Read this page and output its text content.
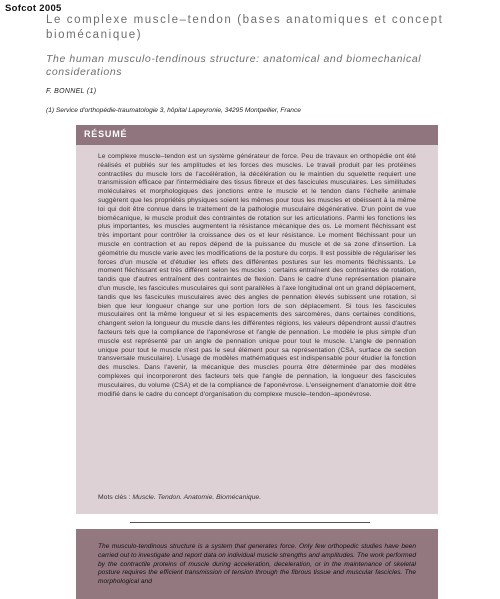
Sofcot 2005
Le complexe muscle–tendon (bases anatomiques et concept biomécanique)
The human musculo-tendinous structure: anatomical and biomechanical considerations
F. BONNEL (1)
(1) Service d'orthopédie-traumatologie 3, hôpital Lapeyronie, 34295 Montpellier, France
RÉSUMÉ

Le complexe muscle–tendon est un système générateur de force. Peu de travaux en orthopédie ont été réalisés et publiés sur les amplitudes et les forces des muscles. Le travail produit par les protéines contractiles du muscle lors de l'accélération, la décélération ou le maintien du squelette requiert une transmission efficace par l'intermédiaire des tissus fibreux et des fascicules musculaires. Les similitudes moléculaires et morphologiques des jonctions entre le muscle et le tendon dans l'échelle animale suggèrent que les propriétés physiques soient les mêmes pour tous les muscles et obéissent à la même loi qui doit être connue dans le traitement de la pathologie musculaire dégénérative. D'un point de vue biomécanique, le muscle produit des contraintes de rotation sur les articulations. Parmi les fonctions les plus importantes, les muscles augmentent la résistance mécanique des os. Le moment fléchissant est très important pour contrôler la croissance des os et leur résistance. Le moment fléchissant pour un muscle en contraction et au repos dépend de la puissance du muscle et de sa zone d'insertion. La géométrie du muscle varie avec les modifications de la posture du corps. Il est possible de régulariser les forces d'un muscle et d'étudier les effets des différentes postures sur les moments fléchissants. Le moment fléchissant est très différent selon les muscles : certains entraînent des contraintes de rotation, tandis que d'autres entraînent des contraintes de flexion. Dans le cadre d'une représentation planaire d'un muscle, les fascicules musculaires qui sont parallèles à l'axe longitudinal ont un grand déplacement, tandis que les fascicules musculaires avec des angles de pennation élevés subissent une rotation, si bien que leur longueur change sur une portion lors de son déplacement. Si tous les fascicules musculaires ont la même longueur et si les espacements des sarcomères, dans certaines conditions, changent selon la longueur du muscle dans les différentes régions, les valeurs dépendront aussi d'autres facteurs tels que la compliance de l'aponévrose et l'angle de pennation. Le modèle le plus simple d'un muscle est représenté par un angle de pennation unique pour tout le muscle. L'angle de pennation unique pour tout le muscle n'est pas le seul élément pour sa représentation (CSA, surface de section transversale musculaire). L'usage de modèles mathématiques est indispensable pour étudier la fonction des muscles. Dans l'avenir, la mécanique des muscles pourra être déterminée par des modèles complexes qui incorporeront des facteurs tels que l'angle de pennation, la longueur des fascicules musculaires, du volume (CSA) et de la compliance de l'aponévrose. L'enseignement d'anatomie doit être modifié dans le cadre du concept d'organisation du complexe muscle–tendon–aponévrose.

Mots clés : Muscle. Tendon. Anatomie. Biomécanique.

The musculo-tendinous structure is a system that generates force. Only few orthopedic studies have been carried out to investigate and report data on individual muscle strengths and amplitudes. The work performed by the contractile proteins of muscle during acceleration, deceleration, or in the maintenance of skeletal posture requires the efficient transmission of tension through the fibrous tissue and muscular fascicles. The morphological and
